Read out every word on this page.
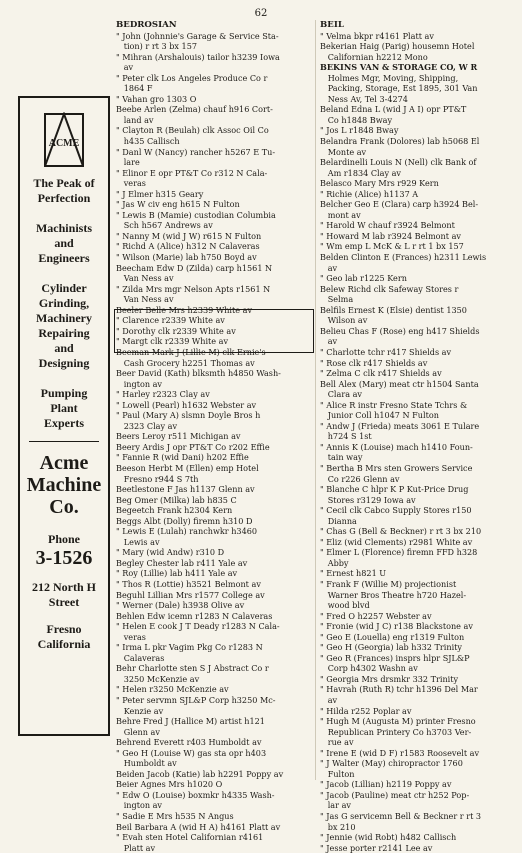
62
ACME
The Peak of
Perfection

Machinists
and
Engineers

Cylinder
Grinding,
Machinery
Repairing
and
Designing

Pumping
Plant
Experts
Acme
Machine
Co.
Phone
3-1526
212 North H
Street
Fresno
California
BEDROSIAN
" John (Johnnie's Garage & Service Sta-
tion) r rt 3 bx 157
" Mihran (Arshalouis) tailor h3239 Iowa
av
" Peter clk Los Angeles Produce Co r
1864 F
" Vahan gro 1303 O
Beebe Arlen (Zelma) chauf h916 Cort-
land av
" Clayton R (Beulah) clk Assoc Oil Co
h435 Callisch
" Danl W (Nancy) rancher h5267 E Tu-
lare
" Elinor E opr PT&T Co r312 N Cala-
veras
" J Elmer h315 Geary
" Jas W civ eng h615 N Fulton
" Lewis B (Mamie) custodian Columbia
Sch h567 Andrews av
" Nanny M (wid J W) r615 N Fulton
" Richd A (Alice) h312 N Calaveras
" Wilson (Marie) lab h750 Boyd av
Beecham Edw D (Zilda) carp h1561 N
Van Ness av
" Zilda Mrs mgr Nelson Apts r1561 N
Van Ness av
Beeler Belle Mrs h2339 White av
" Clarence r2339 White av
" Dorothy clk r2339 White av
" Margt clk r2339 White av
Beeman Mark J (Lillie M) clk Ernie's
Cash Grocery h2251 Thomas av
Beer David (Kath) blksmth h4850 Wash-
ington av
" Harley r2323 Clay av
" Lowell (Pearl) h1632 Webster av
" Paul (Mary A) slsmn Doyle Bros h
2323 Clay av
Beers Leroy r511 Michigan av
Beery Ardis J opr PT&T Co r202 Effie
" Fannie R (wid Dani) h202 Effie
Beeson Herbt M (Ellen) emp Hotel
Fresno r944 S 7th
Beetlestone F Jas h1137 Glenn av
Beg Omer (Milka) lab h835 C
Begeetch Frank h2304 Kern
Beggs Albt (Dolly) firemn h310 D
" Lewis E (Lulah) ranchwkr h3460
Lewis av
" Mary (wid Andw) r310 D
Begley Chester lab r411 Yale av
" Roy (Lillie) lab h411 Yale av
" Thos R (Lottie) h3521 Belmont av
Beguhl Lillian Mrs r1577 College av
" Werner (Dale) h3938 Olive av
Behlen Edw icemn r1283 N Calaveras
" Helen E cook J T Deady r1283 N Cala-
veras
" Irma L pkr Vagim Pkg Co r1283 N
Calaveras
Behr Charlotte sten S J Abstract Co r
3250 McKenzie av
" Helen r3250 McKenzie av
" Peter servmn SJL&P Corp h3250 Mc-
Kenzie av
Behre Fred J (Hallice M) artist h121
Glenn av
Behrend Everett r403 Humboldt av
" Geo H (Louise W) gas sta opr h403
Humboldt av
Beiden Jacob (Katie) lab h2291 Poppy av
Beier Agnes Mrs h1020 O
" Edw O (Louise) boxmkr h4335 Wash-
ington av
" Sadie E Mrs h535 N Angus
Beil Barbara A (wid H A) h4161 Platt av
" Evah sten Hotel Californian r4161
Platt av
BEIL
" Velma bkpr r4161 Platt av
Bekerian Haig (Parig) housemn Hotel
Californian h2212 Mono
BEKINS VAN & STORAGE CO, W R
Holmes Mgr, Moving, Shipping,
Packing, Storage, Est 1895, 301 Van
Ness Av, Tel 3-4274
Beland Edna L (wid J A I) opr PT&T
Co h1848 Bway
" Jos L r1848 Bway
Belandra Frank (Dolores) lab h5068 El
Monte av
Belardinelli Louis N (Nell) clk Bank of
Am r1834 Clay av
Belasco Mary Mrs r929 Kern
" Richie (Alice) h1137 A
Belcher Geo E (Clara) carp h3924 Bel-
mont av
" Harold W chauf r3924 Belmont
" Howard M lab r3924 Belmont av
" Wm emp L McK & L r rt 1 bx 157
Belden Clinton E (Frances) h2311 Lewis
av
" Geo lab r1225 Kern
Belew Richd clk Safeway Stores r
Selma
Belfils Ernest K (Elsie) dentist 1350
Wilson av
Belieu Chas F (Rose) eng h417 Shields
av
" Charlotte tchr r417 Shields av
" Rose clk r417 Shields av
" Zelma C clk r417 Shields av
Bell Alex (Mary) meat ctr h1504 Santa
Clara av
" Alice R instr Fresno State Tchrs &
Junior Coll h1047 N Fulton
" Andw J (Frieda) meats 3061 E Tulare
h724 S 1st
" Annis K (Louise) mach h1410 Foun-
tain way
" Bertha B Mrs sten Growers Service
Co r226 Glenn av
" Blanche C hlpr K P Kut-Price Drug
Stores r3129 Iowa av
" Cecil clk Cabco Supply Stores r150
Dianna
" Chas G (Bell & Beckner) r rt 3 bx 210
" Eliz (wid Clements) r2981 White av
" Elmer L (Florence) firemn FFD h328
Abby
" Ernest h821 U
" Frank F (Willie M) projectionist
Warner Bros Theatre h720 Hazel-
wood blvd
" Fred O h2257 Webster av
" Fronie (wid J C) r138 Blackstone av
" Geo E (Louella) eng r1319 Fulton
" Geo H (Georgia) lab h332 Trinity
" Geo R (Frances) insprs hlpr SJL&P
Corp h4302 Washn av
" Georgia Mrs drsmkr 332 Trinity
" Havrah (Ruth R) tchr h1396 Del Mar
av
" Hilda r252 Poplar av
" Hugh M (Augusta M) printer Fresno
Republican Printery Co h3703 Ver-
rue av
" Irene E (wid D F) r1583 Roosevelt av
" J Walter (May) chiropractor 1760
Fulton
" Jacob (Lillian) h2119 Poppy av
" Jacob (Pauline) meat ctr h252 Pop-
lar av
" Jas G servicemn Bell & Beckner r rt 3
bx 210
" Jennie (wid Robt) h482 Callisch
" Jesse porter r2141 Lee av
